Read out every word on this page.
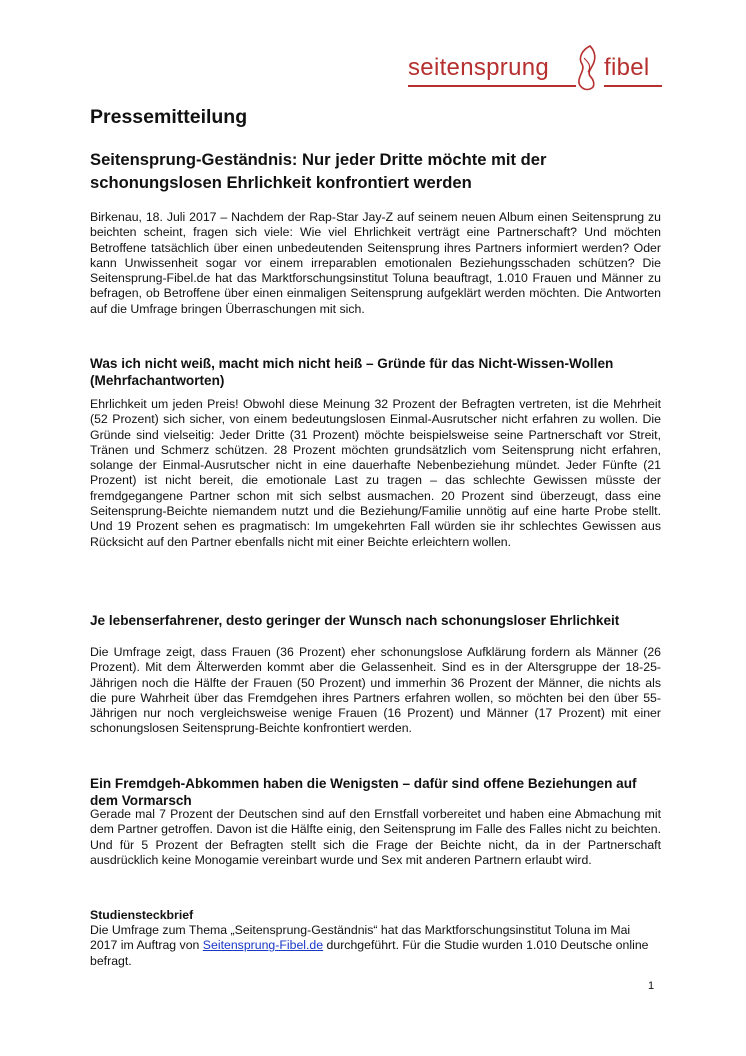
seitensprung fibel
Pressemitteilung
Seitensprung-Geständnis: Nur jeder Dritte möchte mit der schonungslosen Ehrlichkeit konfrontiert werden

Birkenau, 18. Juli 2017 – Nachdem der Rap-Star Jay-Z auf seinem neuen Album einen Seitensprung zu beichten scheint, fragen sich viele: Wie viel Ehrlichkeit verträgt eine Partnerschaft? Und möchten Betroffene tatsächlich über einen unbedeutenden Seitensprung ihres Partners informiert werden? Oder kann Unwissenheit sogar vor einem irreparablen emotionalen Beziehungsschaden schützen? Die Seitensprung-Fibel.de hat das Marktforschungsinstitut Toluna beauftragt, 1.010 Frauen und Männer zu befragen, ob Betroffene über einen einmaligen Seitensprung aufgeklärt werden möchten. Die Antworten auf die Umfrage bringen Überraschungen mit sich.

Was ich nicht weiß, macht mich nicht heiß – Gründe für das Nicht-Wissen-Wollen (Mehrfachantworten)

Ehrlichkeit um jeden Preis! Obwohl diese Meinung 32 Prozent der Befragten vertreten, ist die Mehrheit (52 Prozent) sich sicher, von einem bedeutungslosen Einmal-Ausrutscher nicht erfahren zu wollen. Die Gründe sind vielseitig: Jeder Dritte (31 Prozent) möchte beispielsweise seine Partnerschaft vor Streit, Tränen und Schmerz schützen. 28 Prozent möchten grundsätzlich vom Seitensprung nicht erfahren, solange der Einmal-Ausrutscher nicht in eine dauerhafte Nebenbeziehung mündet. Jeder Fünfte (21 Prozent) ist nicht bereit, die emotionale Last zu tragen – das schlechte Gewissen müsste der fremdgegangene Partner schon mit sich selbst ausmachen. 20 Prozent sind überzeugt, dass eine Seitensprung-Beichte niemandem nutzt und die Beziehung/Familie unnötig auf eine harte Probe stellt. Und 19 Prozent sehen es pragmatisch: Im umgekehrten Fall würden sie ihr schlechtes Gewissen aus Rücksicht auf den Partner ebenfalls nicht mit einer Beichte erleichtern wollen.

Je lebenserfahrener, desto geringer der Wunsch nach schonungsloser Ehrlichkeit

Die Umfrage zeigt, dass Frauen (36 Prozent) eher schonungslose Aufklärung fordern als Männer (26 Prozent). Mit dem Älterwerden kommt aber die Gelassenheit. Sind es in der Altersgruppe der 18-25-Jährigen noch die Hälfte der Frauen (50 Prozent) und immerhin 36 Prozent der Männer, die nichts als die pure Wahrheit über das Fremdgehen ihres Partners erfahren wollen, so möchten bei den über 55-Jährigen nur noch vergleichsweise wenige Frauen (16 Prozent) und Männer (17 Prozent) mit einer schonungslosen Seitensprung-Beichte konfrontiert werden.

Ein Fremdgeh-Abkommen haben die Wenigsten – dafür sind offene Beziehungen auf dem Vormarsch

Gerade mal 7 Prozent der Deutschen sind auf den Ernstfall vorbereitet und haben eine Abmachung mit dem Partner getroffen. Davon ist die Hälfte einig, den Seitensprung im Falle des Falles nicht zu beichten. Und für 5 Prozent der Befragten stellt sich die Frage der Beichte nicht, da in der Partnerschaft ausdrücklich keine Monogamie vereinbart wurde und Sex mit anderen Partnern erlaubt wird.

Studiensteckbrief

Die Umfrage zum Thema „Seitensprung-Geständnis“ hat das Marktforschungsinstitut Toluna im Mai 2017 im Auftrag von Seitensprung-Fibel.de durchgeführt. Für die Studie wurden 1.010 Deutsche online befragt.

1
